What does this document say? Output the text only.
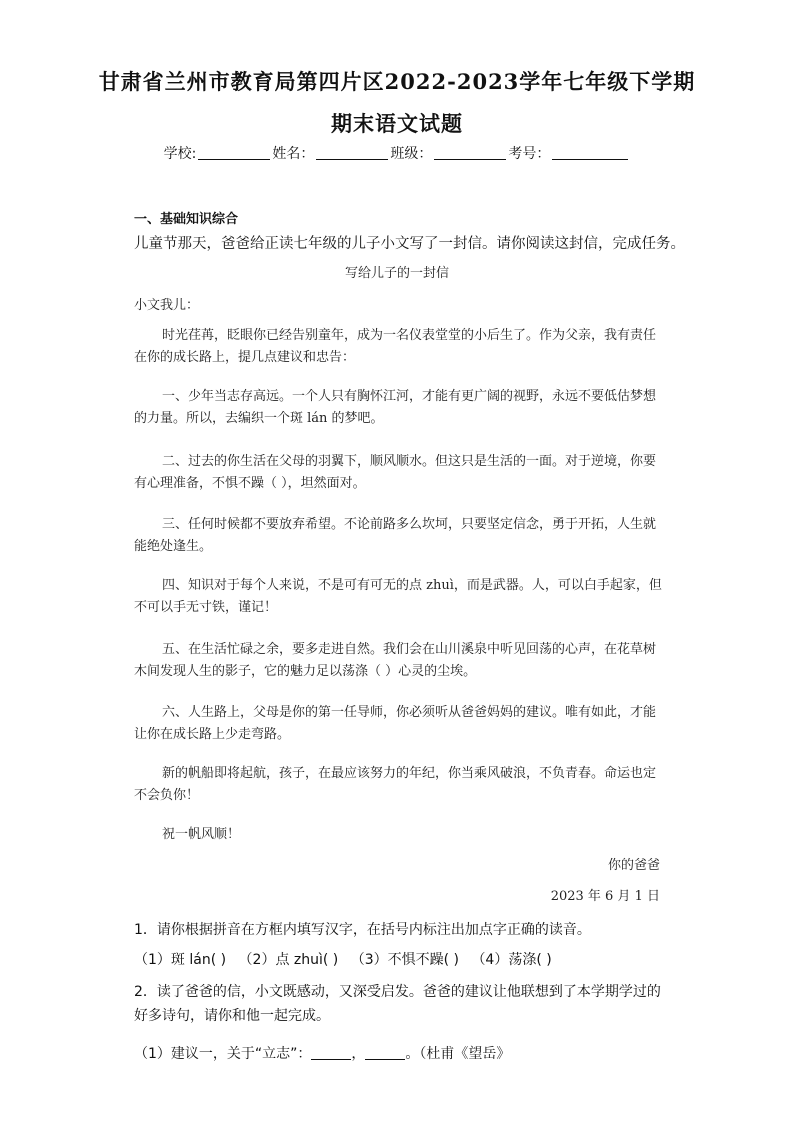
甘肃省兰州市教育局第四片区2022-2023学年七年级下学期
期末语文试题
学校:	姓名：	班级：	考号：
一、基础知识综合
儿童节那天，爸爸给正读七年级的儿子小文写了一封信。请你阅读这封信，完成任务。
写给儿子的一封信
小文我儿：
时光荏苒，眨眼你已经告别童年，成为一名仪表堂堂的小后生了。作为父亲，我有责任在你的成长路上，提几点建议和忠告：
一、少年当志存高远。一个人只有胸怀江河，才能有更广阔的视野，永远不要低估梦想的力量。所以，去编织一个斑 lán 的梦吧。
二、过去的你生活在父母的羽翼下，顺风顺水。但这只是生活的一面。对于逆境，你要有心理准备，不惧不躁（ ），坦然面对。
三、任何时候都不要放弃希望。不论前路多么坎坷，只要坚定信念，勇于开拓，人生就能绝处逢生。
四、知识对于每个人来说，不是可有可无的点 zhuì，而是武器。人，可以白手起家，但不可以手无寸铁，谨记！
五、在生活忙碌之余，要多走进自然。我们会在山川溪泉中听见回荡的心声，在花草树木间发现人生的影子，它的魅力足以荡涤（ ）心灵的尘埃。
六、人生路上，父母是你的第一任导师，你必须听从爸爸妈妈的建议。唯有如此，才能让你在成长路上少走弯路。
新的帆船即将起航，孩子，在最应该努力的年纪，你当乘风破浪，不负青春。命运也定不会负你！
祝一帆风顺！
你的爸爸
2023 年 6 月 1 日
1．请你根据拼音在方框内填写汉字，在括号内标注出加点字正确的读音。
（1）斑 lán( ) （2）点 zhuì( ) （3）不惧不躁( ) （4）荡涤( )
2．读了爸爸的信，小文既感动，又深受启发。爸爸的建议让他联想到了本学期学过的好多诗句，请你和他一起完成。
（1）建议一，关于“立志”：	，	。（杜甫《望岳》
